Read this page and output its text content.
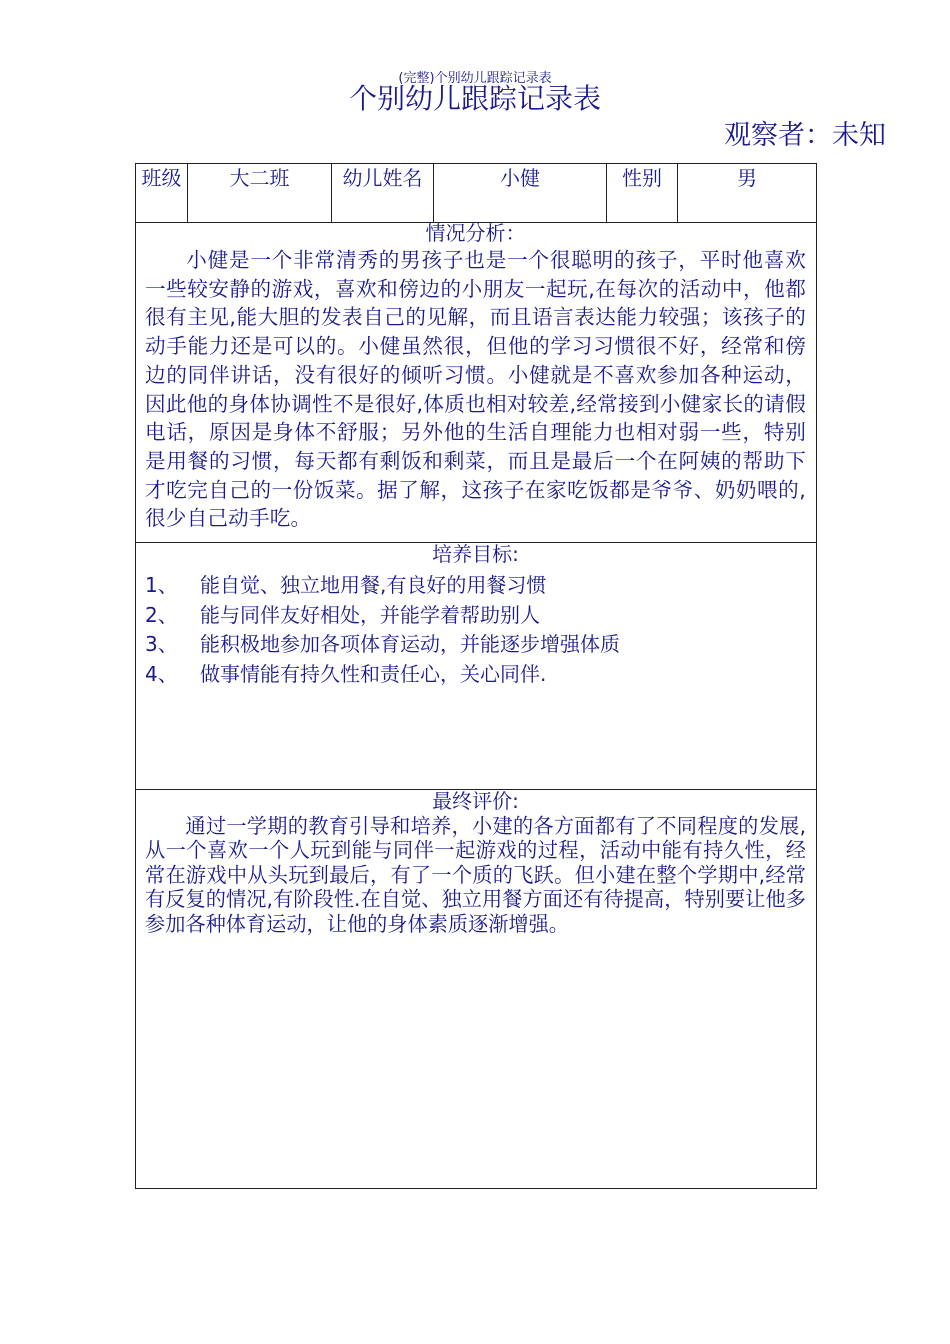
(完整)个别幼儿跟踪记录表
个别幼儿跟踪记录表
观察者：未知
班级	大二班	幼儿姓名	小健	性别	男
情况分析：

小健是一个非常清秀的男孩子也是一个很聪明的孩子，平时他喜欢一些较安静的游戏，喜欢和傍边的小朋友一起玩,在每次的活动中，他都很有主见,能大胆的发表自己的见解，而且语言表达能力较强；该孩子的动手能力还是可以的。小健虽然很，但他的学习习惯很不好，经常和傍边的同伴讲话，没有很好的倾听习惯。小健就是不喜欢参加各种运动，因此他的身体协调性不是很好,体质也相对较差,经常接到小健家长的请假电话，原因是身体不舒服；另外他的生活自理能力也相对弱一些，特别是用餐的习惯，每天都有剩饭和剩菜，而且是最后一个在阿姨的帮助下才吃完自己的一份饭菜。据了解，这孩子在家吃饭都是爷爷、奶奶喂的,很少自己动手吃。

培养目标:
1、	能自觉、独立地用餐,有良好的用餐习惯
2、	能与同伴友好相处，并能学着帮助别人
3、	能积极地参加各项体育运动，并能逐步增强体质
4、	做事情能有持久性和责任心，关心同伴.
最终评价:

通过一学期的教育引导和培养，小建的各方面都有了不同程度的发展,从一个喜欢一个人玩到能与同伴一起游戏的过程，活动中能有持久性，经常在游戏中从头玩到最后，有了一个质的飞跃。但小建在整个学期中,经常有反复的情况,有阶段性.在自觉、独立用餐方面还有待提高，特别要让他多参加各种体育运动，让他的身体素质逐渐增强。
